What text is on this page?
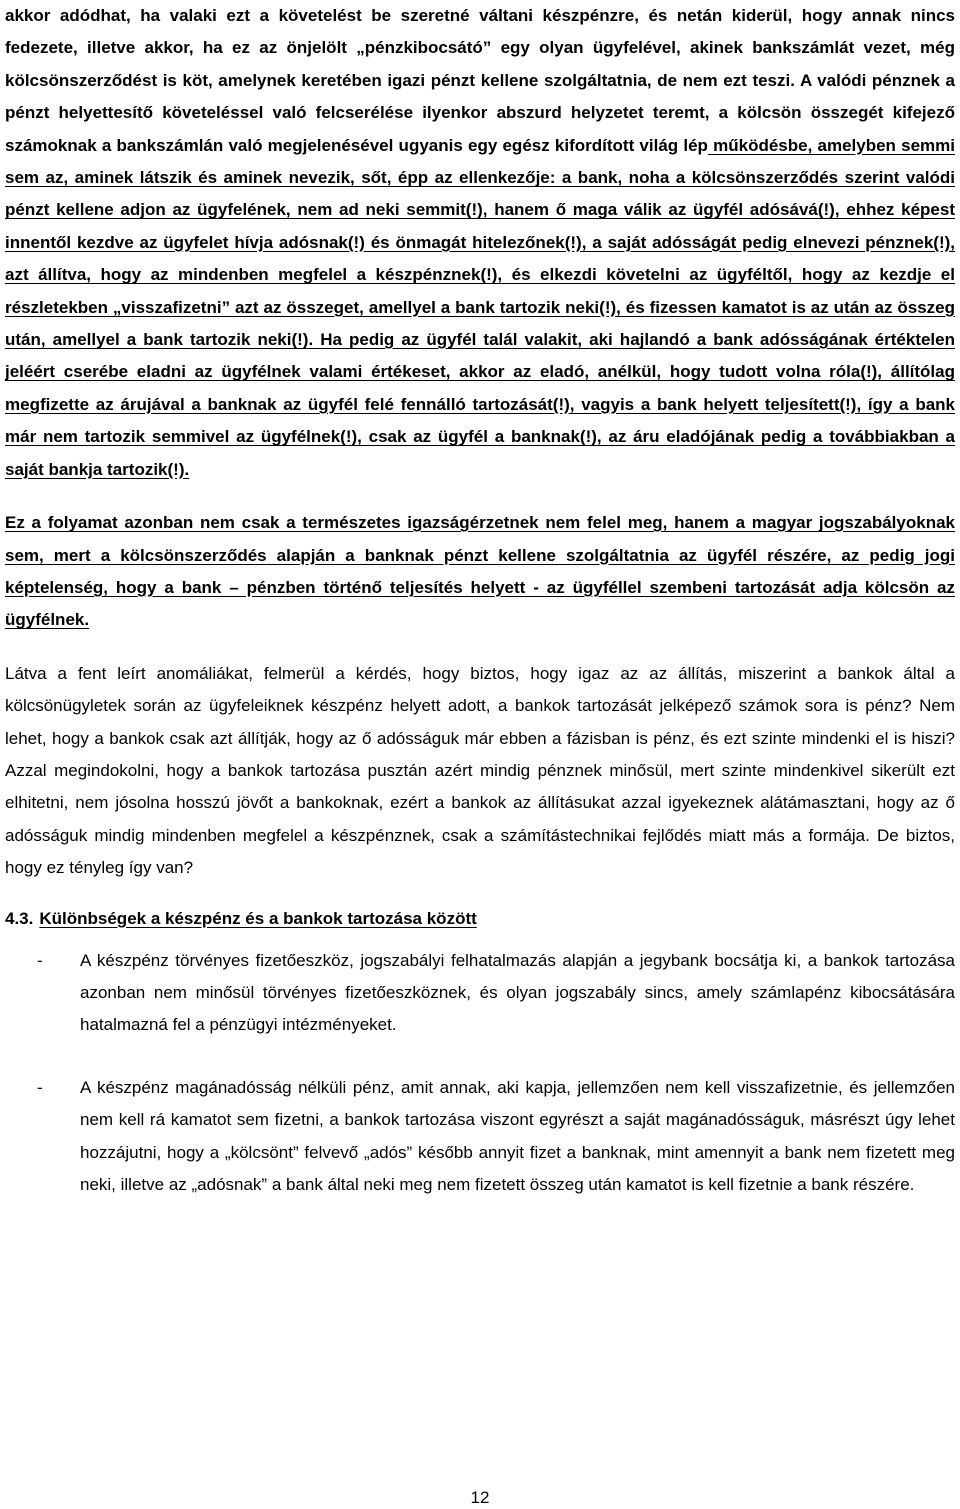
akkor adódhat, ha valaki ezt a követelést be szeretné váltani készpénzre, és netán kiderül, hogy annak nincs fedezete, illetve akkor, ha ez az önjelölt „pénzkibocsátó” egy olyan ügyfelével, akinek bankszámlát vezet, még kölcsönszerződést is köt, amelynek keretében igazi pénzt kellene szolgáltatnia, de nem ezt teszi. A valódi pénznek a pénzt helyettesítő követeléssel való felcserélése ilyenkor abszurd helyzetet teremt, a kölcsön összegét kifejező számoknak a bankszámlán való megjelenésével ugyanis egy egész kifordított világ lép működésbe, amelyben semmi sem az, aminek látszik és aminek nevezik, sőt, épp az ellenkezője: a bank, noha a kölcsönszerződés szerint valódi pénzt kellene adjon az ügyfelének, nem ad neki semmit(!), hanem ő maga válik az ügyfél adósává(!), ehhez képest innentől kezdve az ügyfelet hívja adósnak(!) és önmagát hitelezőnek(!), a saját adósságát pedig elnevezi pénznek(!), azt állítva, hogy az mindenben megfelel a készpénznek(!), és elkezdi követelni az ügyféltől, hogy az kezdje el részletekben „visszafizetni” azt az összeget, amellyel a bank tartozik neki(!), és fizessen kamatot is az után az összeg után, amellyel a bank tartozik neki(!). Ha pedig az ügyfél talál valakit, aki hajlandó a bank adósságának értéktelen jeléért cserébe eladni az ügyfélnek valami értékeset, akkor az eladó, anélkül, hogy tudott volna róla(!), állítólag megfizette az árujával a banknak az ügyfél felé fennálló tartozását(!), vagyis a bank helyett teljesített(!), így a bank már nem tartozik semmivel az ügyfélnek(!), csak az ügyfél a banknak(!), az áru eladójának pedig a továbbiakban a saját bankja tartozik(!).

Ez a folyamat azonban nem csak a természetes igazságérzetnek nem felel meg, hanem a magyar jogszabályoknak sem, mert a kölcsönszerződés alapján a banknak pénzt kellene szolgáltatnia az ügyfél részére, az pedig jogi képtelenség, hogy a bank – pénzben történő teljesítés helyett - az ügyféllel szembeni tartozását adja kölcsön az ügyfélnek.

Látva a fent leírt anomáliákat, felmerül a kérdés, hogy biztos, hogy igaz az az állítás, miszerint a bankok által a kölcsönügyletek során az ügyfeleiknek készpénz helyett adott, a bankok tartozását jelképező számok sora is pénz? Nem lehet, hogy a bankok csak azt állítják, hogy az ő adósságuk már ebben a fázisban is pénz, és ezt szinte mindenki el is hiszi? Azzal megindokolni, hogy a bankok tartozása pusztán azért mindig pénznek minősül, mert szinte mindenkivel sikerült ezt elhitetni, nem jósolna hosszú jövőt a bankoknak, ezért a bankok az állításukat azzal igyekeznek alátámasztani, hogy az ő adósságuk mindig mindenben megfelel a készpénznek, csak a számítástechnikai fejlődés miatt más a formája. De biztos, hogy ez tényleg így van?

4.3. Különbségek a készpénz és a bankok tartozása között
- A készpénz törvényes fizetőeszköz, jogszabályi felhatalmazás alapján a jegybank bocsátja ki, a bankok tartozása azonban nem minősül törvényes fizetőeszköznek, és olyan jogszabály sincs, amely számlapénz kibocsátására hatalmazná fel a pénzügyi intézményeket.
- A készpénz magánadósság nélküli pénz, amit annak, aki kapja, jellemzően nem kell visszafizetnie, és jellemzően nem kell rá kamatot sem fizetni, a bankok tartozása viszont egyrészt a saját magánadósságuk, másrészt úgy lehet hozzájutni, hogy a „kölcsönt” felvevő „adós” később annyit fizet a banknak, mint amennyit a bank nem fizetett meg neki, illetve az „adósnak” a bank által neki meg nem fizetett összeg után kamatot is kell fizetnie a bank részére.
12
